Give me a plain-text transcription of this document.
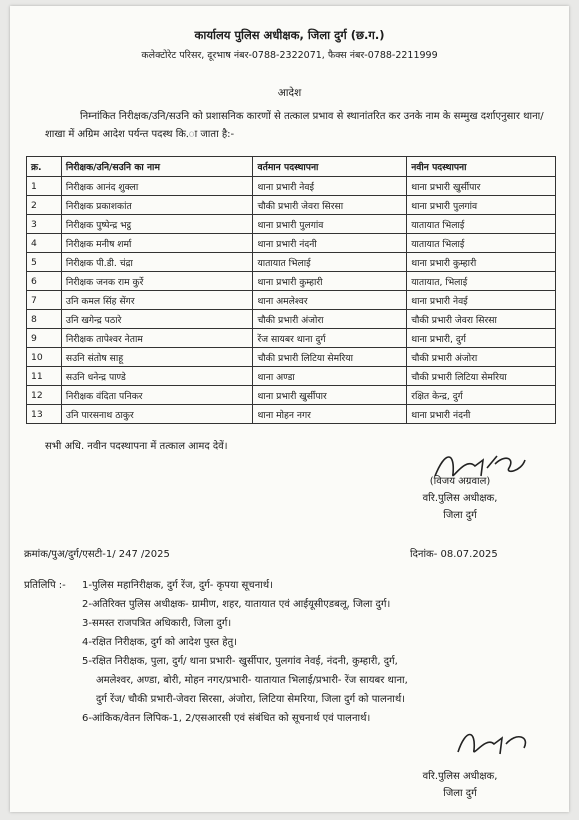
कार्यालय पुलिस अधीक्षक, जिला दुर्ग (छ.ग.)
कलेक्टोरेट परिसर, दूरभाष नंबर-0788-2322071, फैक्स नंबर-0788-2211999
आदेश
निम्नांकित निरीक्षक/उनि/सउनि को प्रशासनिक कारणों से तत्काल प्रभाव से स्थानांतरित कर उनके नाम के सम्मुख दर्शाएनुसार थाना/शाखा में अग्रिम आदेश पर्यन्त पदस्थ कि.ा जाता है:-
क्र.	निरीक्षक/उनि/सउनि का नाम	वर्तमान पदस्थापना	नवीन पदस्थापना
1	निरीक्षक आनंद शुक्ला	थाना प्रभारी नेवई	थाना प्रभारी खुर्सीपार
2	निरीक्षक प्रकाशकांत	चौकी प्रभारी जेवरा सिरसा	थाना प्रभारी पुलगांव
3	निरीक्षक पुष्पेन्द्र भट्ठ	थाना प्रभारी पुलगांव	यातायात भिलाई
4	निरीक्षक मनीष शर्मा	थाना प्रभारी नंदनी	यातायात भिलाई
5	निरीक्षक पी.डी. चंद्रा	यातायात भिलाई	थाना प्रभारी कुम्हारी
6	निरीक्षक जनक राम कुर्रे	थाना प्रभारी कुम्हारी	यातायात, भिलाई
7	उनि कमल सिंह सेंगर	थाना अमलेश्वर	थाना प्रभारी नेवई
8	उनि खगेन्द्र पठारे	चौकी प्रभारी अंजोरा	चौकी प्रभारी जेवरा सिरसा
9	निरीक्षक तापेश्वर नेताम	रेंज सायबर थाना दुर्ग	थाना प्रभारी, दुर्ग
10	सउनि संतोष साहू	चौकी प्रभारी लिटिया सेमरिया	चौकी प्रभारी अंजोरा
11	सउनि धनेन्द्र पाण्डे	थाना अण्डा	चौकी प्रभारी लिटिया सेमरिया
12	निरीक्षक वंदिता पनिकर	थाना प्रभारी खुर्सीपार	रक्षित केन्द्र, दुर्ग
13	उनि पारसनाथ ठाकुर	थाना मोहन नगर	थाना प्रभारी नंदनी
सभी अधि. नवीन पदस्थापना में तत्काल आमद देवें।
(विजय अग्रवाल)
वरि.पुलिस अधीक्षक,
जिला दुर्ग
क्रमांक/पुअ/दुर्ग/एसटी-1/ 247 /2025	दिनांक- 08.07.2025
प्रतिलिपि :- 1-पुलिस महानिरीक्षक, दुर्ग रेंज, दुर्ग- कृपया सूचनार्थ।
2-अतिरिक्त पुलिस अधीक्षक- ग्रामीण, शहर, यातायात एवं आईयूसीएडबलू, जिला दुर्ग।
3-समस्त राजपत्रित अधिकारी, जिला दुर्ग।
4-रक्षित निरीक्षक, दुर्ग को आदेश पुस्त हेतु।
5-रक्षित निरीक्षक, पुला, दुर्ग/ थाना प्रभारी- खुर्सीपार, पुलगांव नेवई, नंदनी, कुम्हारी, दुर्ग,
अमलेश्वर, अण्डा, बोरी, मोहन नगर/प्रभारी- यातायात भिलाई/प्रभारी- रेंज सायबर थाना,
दुर्ग रेंज/ चौकी प्रभारी-जेवरा सिरसा, अंजोरा, लिटिया सेमरिया, जिला दुर्ग को पालनार्थ।
6-आंकिक/वेतन लिपिक-1, 2/एसआरसी एवं संबंधित को सूचनार्थ एवं पालनार्थ।
वरि.पुलिस अधीक्षक,
जिला दुर्ग
